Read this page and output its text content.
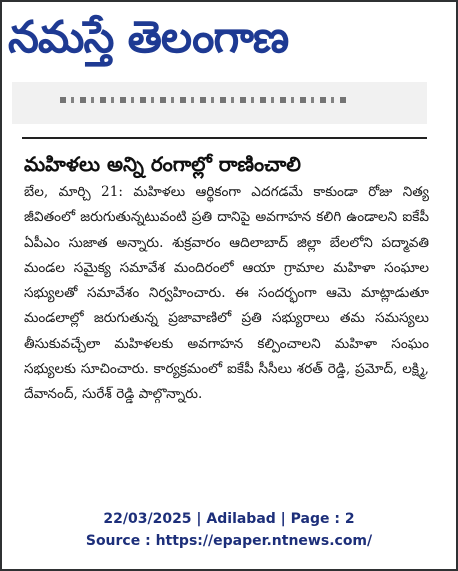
నమస్తే తెలంగాణ
మహిళలు అన్ని రంగాల్లో రాణించాలి
బేల, మార్చి 21: మహిళలు ఆర్థికంగా ఎదగడమే కాకుండా రోజు నిత్య జీవితంలో జరుగుతున్నటువంటి ప్రతి దానిపై అవగాహన కలిగి ఉండాలని ఐకేపీ ఏపీఎం సుజాత అన్నారు. శుక్రవారం ఆదిలాబాద్ జిల్లా బేలలోని పద్మావతి మండల సమైక్య సమావేశ మందిరంలో ఆయా గ్రామాల మహిళా సంఘాల సభ్యులతో సమావేశం నిర్వహించారు. ఈ సందర్భంగా ఆమె మాట్లాడుతూ మండలాల్లో జరుగుతున్న ప్రజావాణిలో ప్రతి సభ్యురాలు తమ సమస్యలు తీసుకువచ్చేలా మహిళలకు అవగాహన కల్పించాలని మహిళా సంఘం సభ్యులకు సూచించారు. కార్యక్రమంలో ఐకేపీ సీసీలు శరత్ రెడ్డి, ప్రమోద్, లక్ష్మి, దేవానంద్, సురేశ్ రెడ్డి పాల్గొన్నారు.
22/03/2025 | Adilabad | Page : 2
Source : https://epaper.ntnews.com/
